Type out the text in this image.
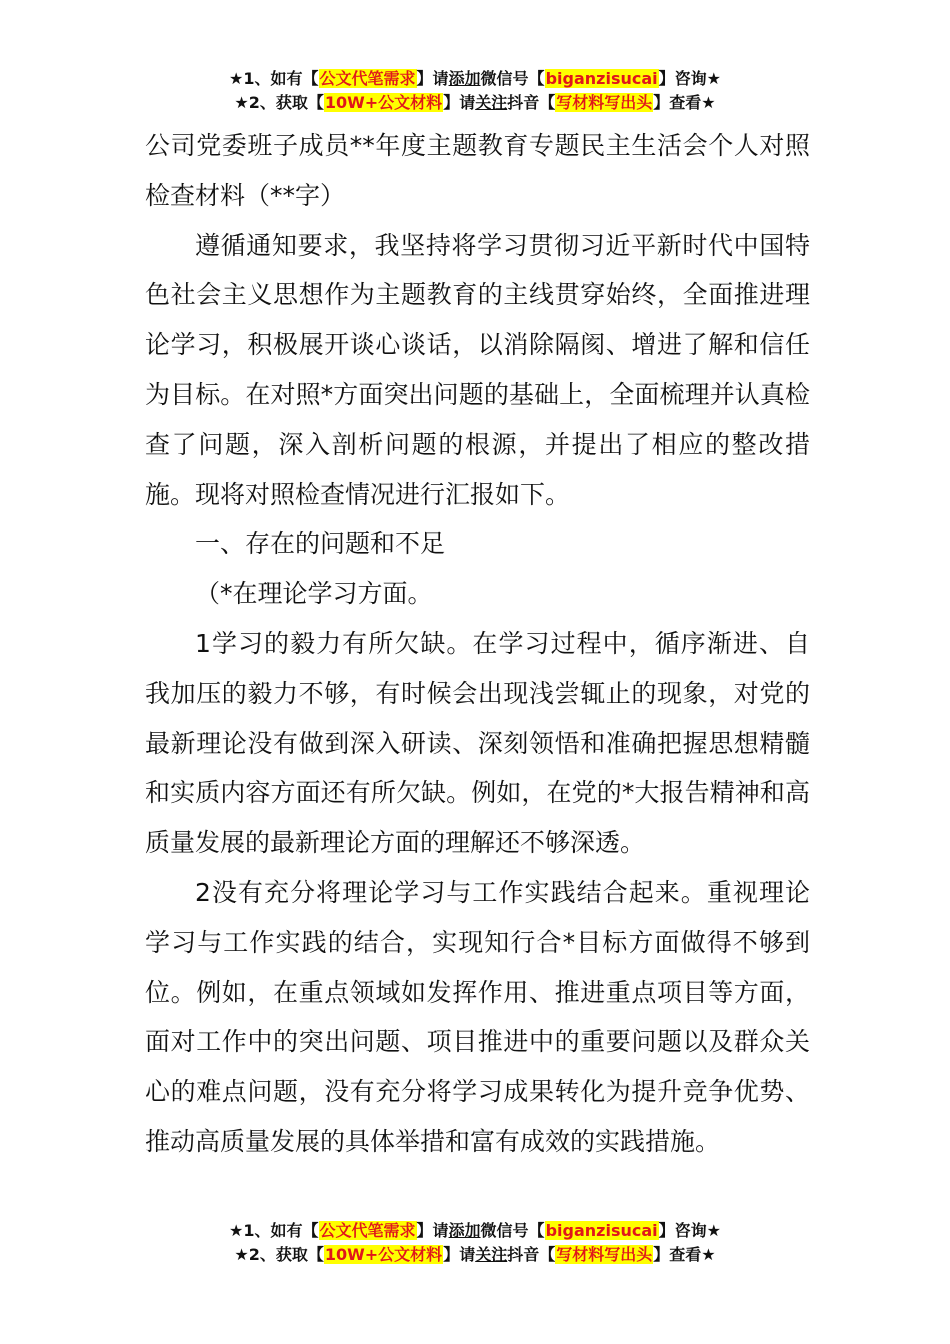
★1、如有【公文代笔需求】请添加微信号【biganzisucai】咨询★
★2、获取【10W+公文材料】请关注抖音【写材料写出头】查看★

公司党委班子成员**年度主题教育专题民主生活会个人对照检查材料（**字）

遵循通知要求，我坚持将学习贯彻习近平新时代中国特色社会主义思想作为主题教育的主线贯穿始终，全面推进理论学习，积极展开谈心谈话，以消除隔阂、增进了解和信任为目标。在对照*方面突出问题的基础上，全面梳理并认真检查了问题，深入剖析问题的根源，并提出了相应的整改措施。现将对照检查情况进行汇报如下。

一、存在的问题和不足

（*在理论学习方面。

1学习的毅力有所欠缺。在学习过程中，循序渐进、自我加压的毅力不够，有时候会出现浅尝辄止的现象，对党的最新理论没有做到深入研读、深刻领悟和准确把握思想精髓和实质内容方面还有所欠缺。例如，在党的*大报告精神和高质量发展的最新理论方面的理解还不够深透。

2没有充分将理论学习与工作实践结合起来。重视理论学习与工作实践的结合，实现知行合*目标方面做得不够到位。例如，在重点领域如发挥作用、推进重点项目等方面，面对工作中的突出问题、项目推进中的重要问题以及群众关心的难点问题，没有充分将学习成果转化为提升竞争优势、推动高质量发展的具体举措和富有成效的实践措施。

★1、如有【公文代笔需求】请添加微信号【biganzisucai】咨询★
★2、获取【10W+公文材料】请关注抖音【写材料写出头】查看★
